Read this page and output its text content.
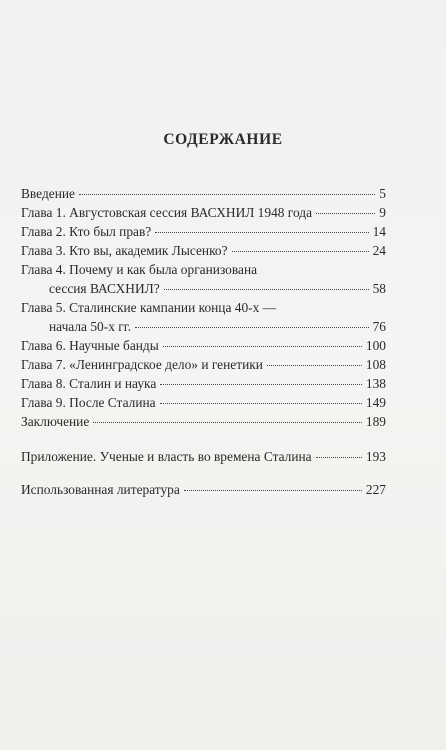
СОДЕРЖАНИЕ
Введение	5
Глава 1. Августовская сессия ВАСХНИЛ 1948 года	9
Глава 2. Кто был прав?	14
Глава 3. Кто вы, академик Лысенко?	24
Глава 4. Почему и как была организована
сессия ВАСХНИЛ?	58
Глава 5. Сталинские кампании конца 40-х —
начала 50-х гг.	76
Глава 6. Научные банды	100
Глава 7. «Ленинградское дело» и генетики	108
Глава 8. Сталин и наука	138
Глава 9. После Сталина	149
Заключение	189
Приложение. Ученые и власть во времена Сталина	193
Использованная литература	227
